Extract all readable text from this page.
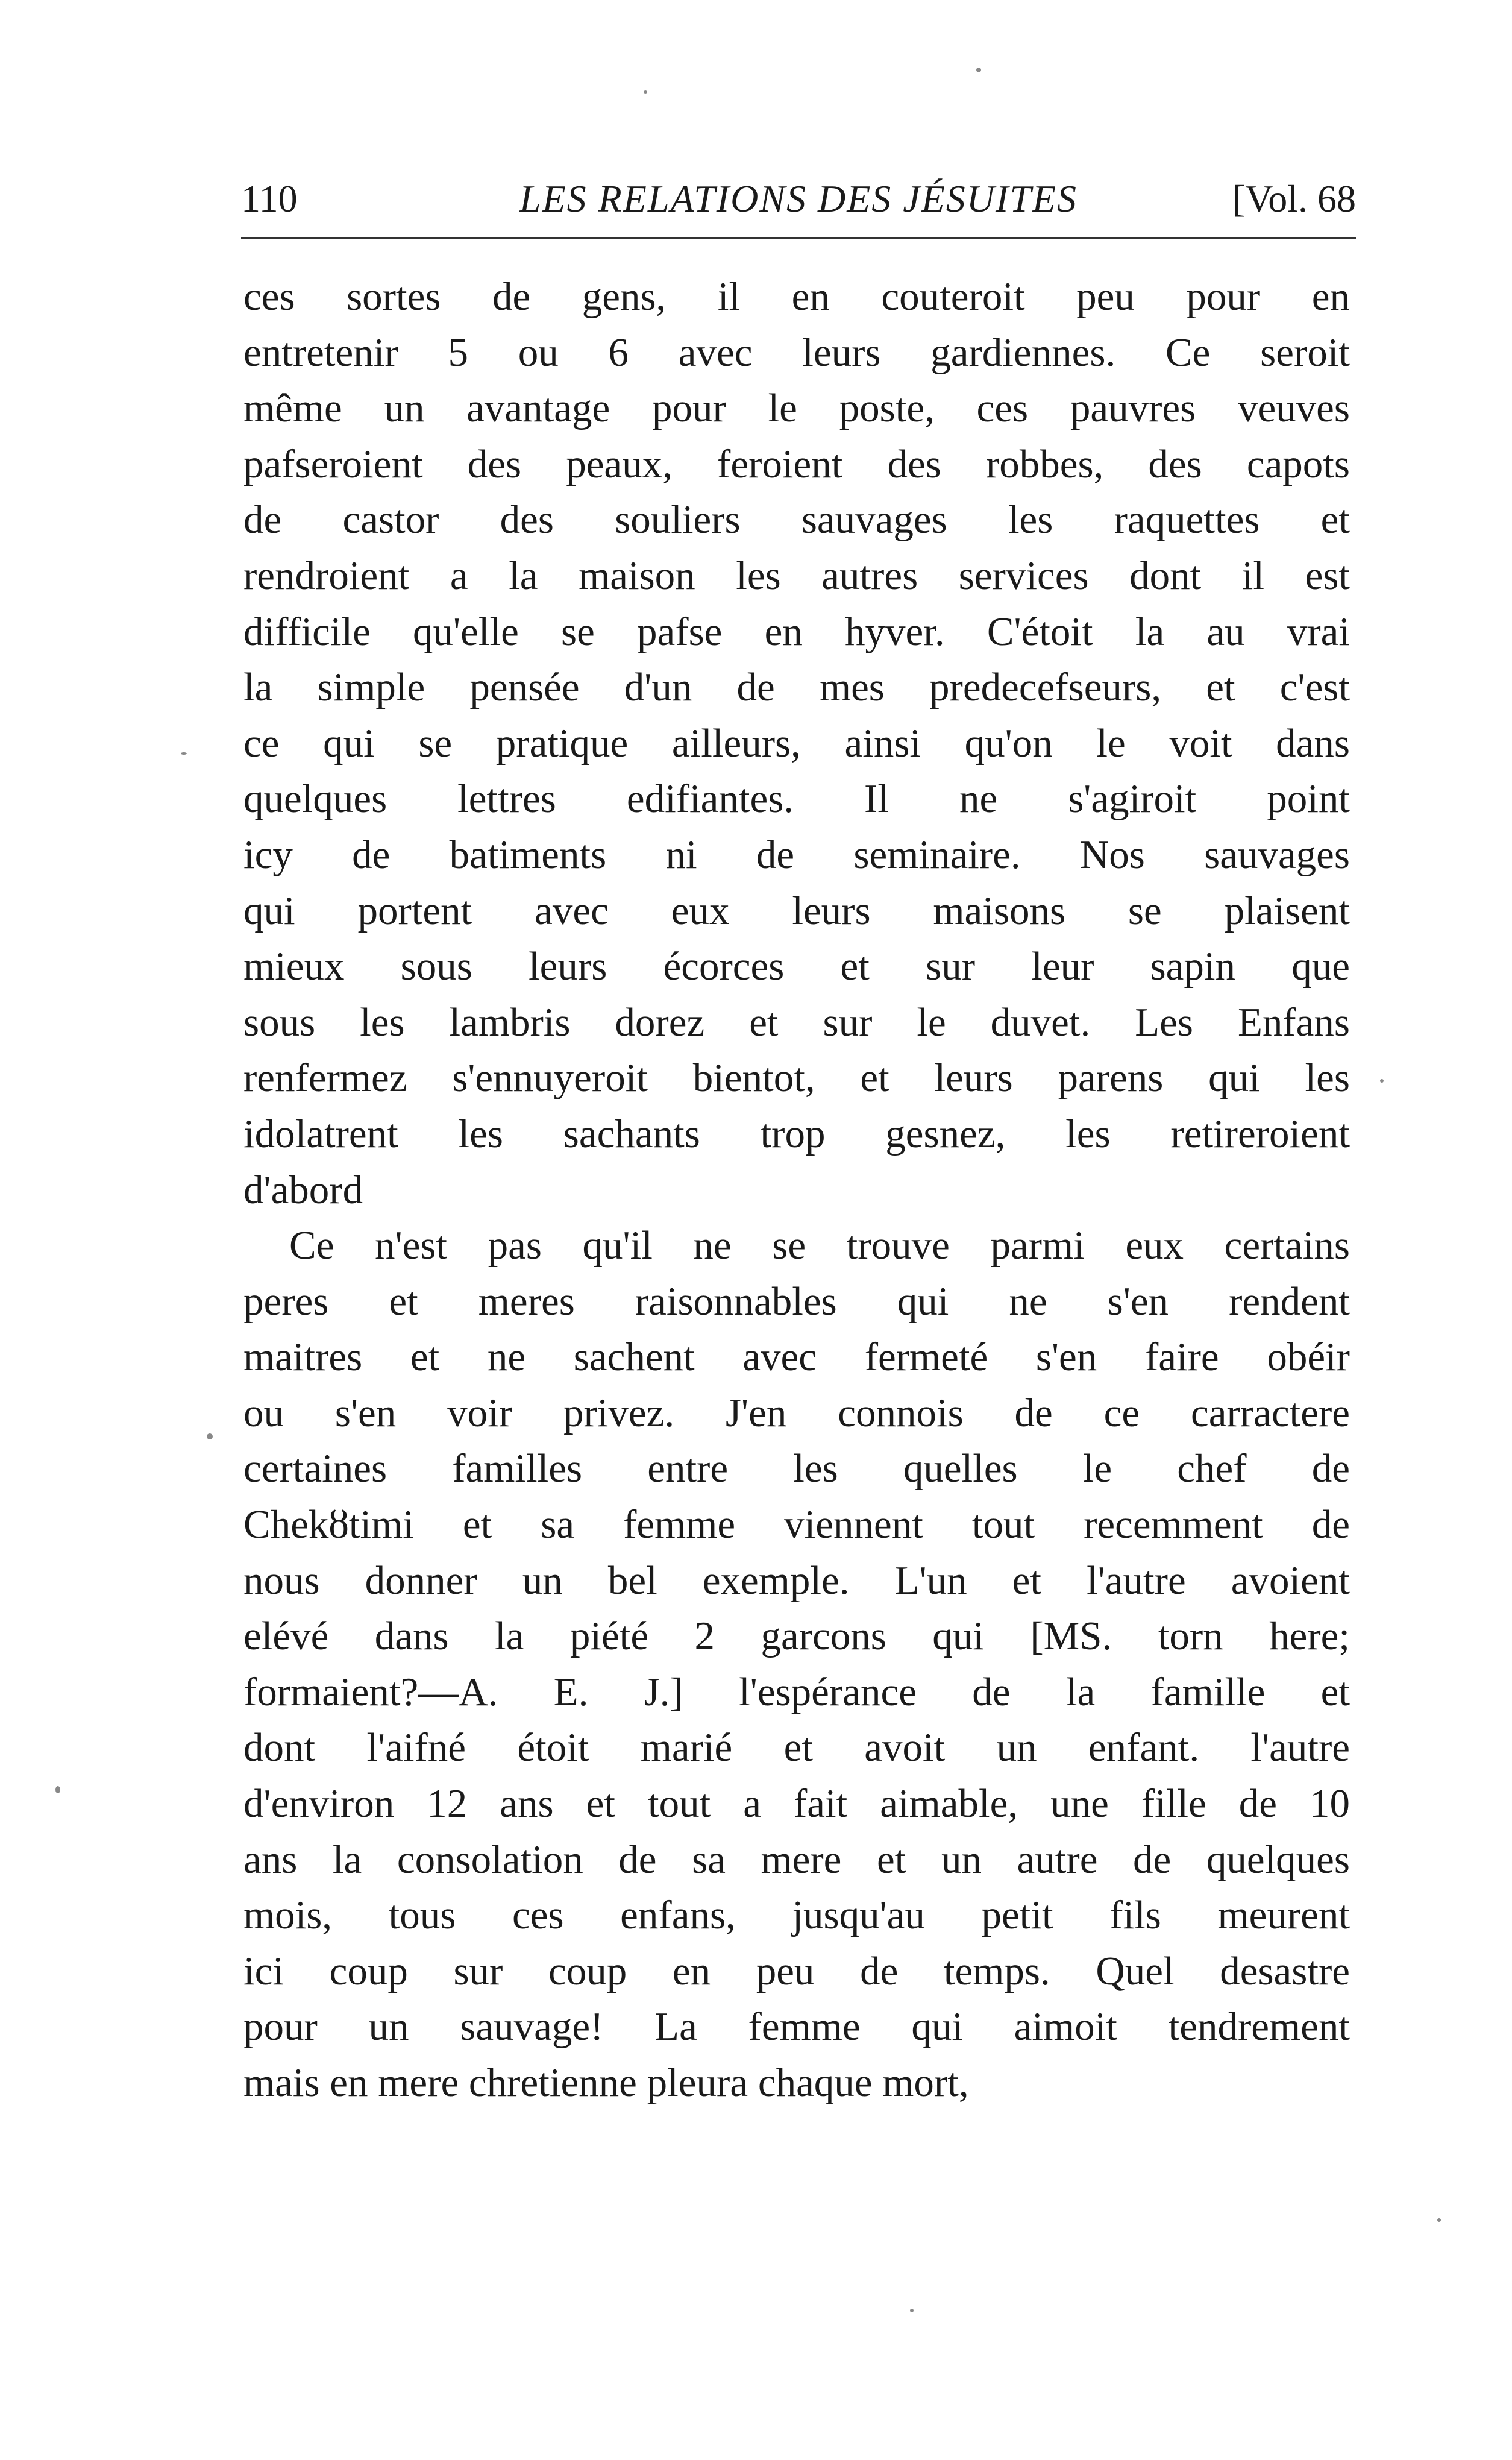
110	LES RELATIONS DES JÉSUITES	[Vol. 68
ces sortes de gens, il en couteroit peu pour en
entretenir 5 ou 6 avec leurs gardiennes. Ce seroit
même un avantage pour le poste, ces pauvres veuves
pafseroient des peaux, feroient des robbes, des capots
de castor des souliers sauvages les raquettes et
rendroient a la maison les autres services dont il est
difficile qu'elle se pafse en hyver. C'étoit la au vrai
la simple pensée d'un de mes predecefseurs, et c'est
ce qui se pratique ailleurs, ainsi qu'on le voit dans
quelques lettres edifiantes. Il ne s'agiroit point
icy de batiments ni de seminaire. Nos sauvages
qui portent avec eux leurs maisons se plaisent
mieux sous leurs écorces et sur leur sapin que
sous les lambris dorez et sur le duvet. Les Enfans
renfermez s'ennuyeroit bientot, et leurs parens qui les
idolatrent les sachants trop gesnez, les retireroient
d'abord
Ce n'est pas qu'il ne se trouve parmi eux certains
peres et meres raisonnables qui ne s'en rendent
maitres et ne sachent avec fermeté s'en faire obéir
ou s'en voir privez. J'en connois de ce carractere
certaines familles entre les quelles le chef de
Chekȣtimi et sa femme viennent tout recemment de
nous donner un bel exemple. L'un et l'autre avoient
elévé dans la piété 2 garcons qui [MS. torn here;
formaient?—A. E. J.] l'espérance de la famille et
dont l'aifné étoit marié et avoit un enfant. l'autre
d'environ 12 ans et tout a fait aimable, une fille de 10
ans la consolation de sa mere et un autre de quelques
mois, tous ces enfans, jusqu'au petit fils meurent
ici coup sur coup en peu de temps. Quel desastre
pour un sauvage! La femme qui aimoit tendrement
mais en mere chretienne pleura chaque mort,
